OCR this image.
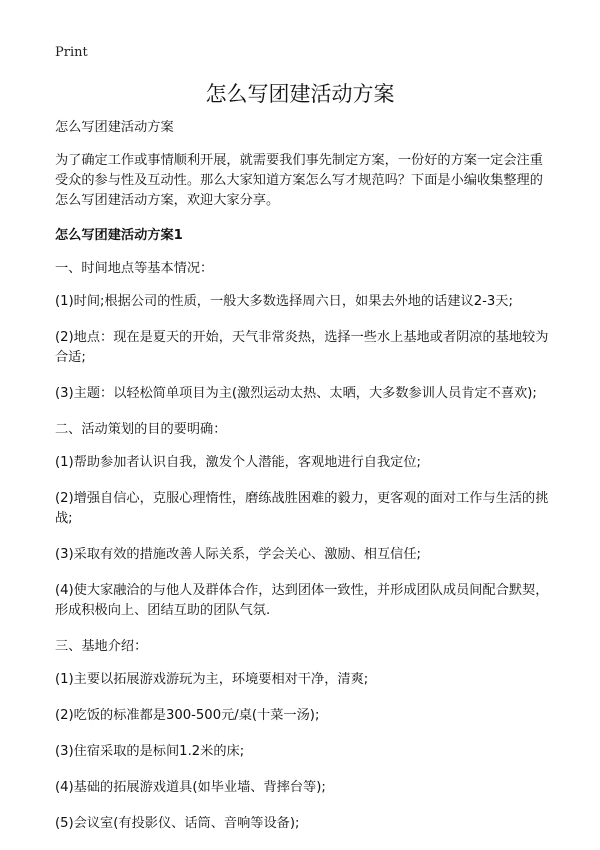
Print
怎么写团建活动方案

怎么写团建活动方案

为了确定工作或事情顺利开展，就需要我们事先制定方案，一份好的方案一定会注重受众的参与性及互动性。那么大家知道方案怎么写才规范吗？下面是小编收集整理的怎么写团建活动方案，欢迎大家分享。

怎么写团建活动方案1

一、时间地点等基本情况：

(1)时间;根据公司的性质，一般大多数选择周六日，如果去外地的话建议2-3天;

(2)地点：现在是夏天的开始，天气非常炎热，选择一些水上基地或者阴凉的基地较为合适;

(3)主题：以轻松简单项目为主(激烈运动太热、太晒，大多数参训人员肯定不喜欢);

二、活动策划的目的要明确：

(1)帮助参加者认识自我，激发个人潜能，客观地进行自我定位;

(2)增强自信心，克服心理惰性，磨练战胜困难的毅力，更客观的面对工作与生活的挑战;

(3)采取有效的措施改善人际关系，学会关心、激励、相互信任;

(4)使大家融洽的与他人及群体合作，达到团体一致性，并形成团队成员间配合默契，形成积极向上、团结互助的团队气氛.

三、基地介绍：

(1)主要以拓展游戏游玩为主，环境要相对干净，清爽;

(2)吃饭的标准都是300-500元/桌(十菜一汤);

(3)住宿采取的是标间1.2米的床;

(4)基础的拓展游戏道具(如毕业墙、背摔台等);

(5)会议室(有投影仪、话筒、音响等设备);
